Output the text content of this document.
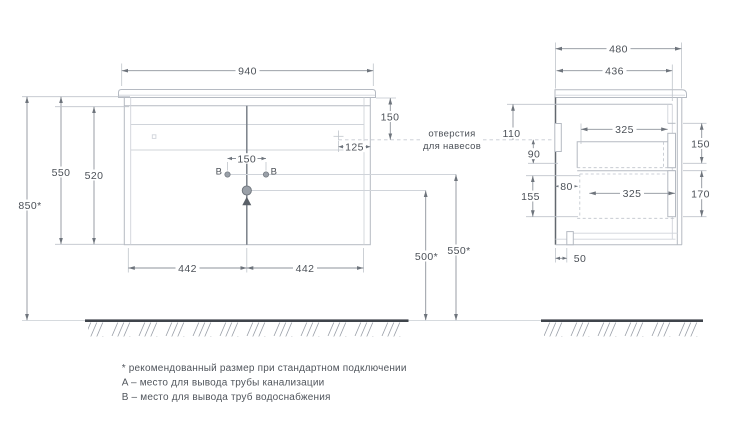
B	B
отверстия
для навесов
940
850*
550 520
150
125
150
442	442
500* 550*
480
436
110
90
155
80
325
325
150
170
50
* рекомендованный размер при стандартном подключении
A – место для вывода трубы канализации
B – место для вывода труб водоснабжения
